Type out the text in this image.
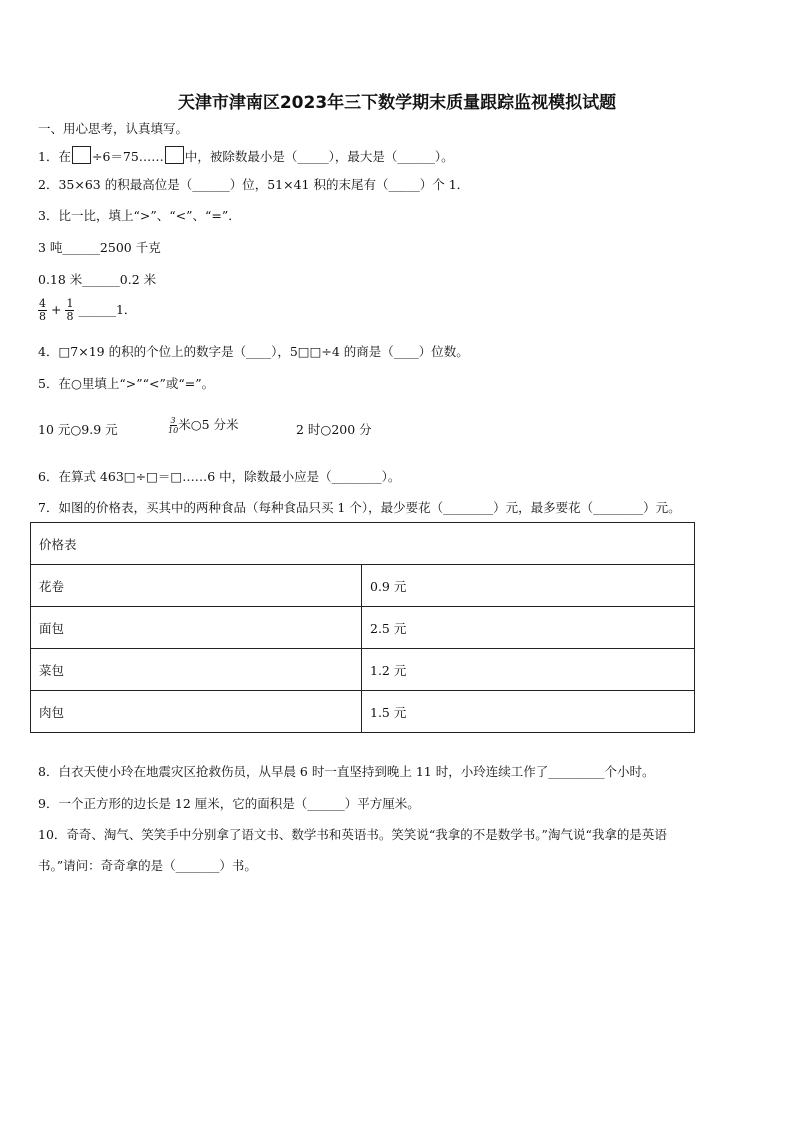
天津市津南区2023年三下数学期末质量跟踪监视模拟试题
一、用心思考，认真填写。
1．在 ÷6＝75…… 中，被除数最小是（_____），最大是（______）。
2．35×63 的积最高位是（______）位，51×41 积的末尾有（_____）个 1．
3．比一比，填上“>”、“<”、“=”．
3 吨______2500 千克
0.18 米______0.2 米
$\frac{4}{8} + \frac{1}{8}$ ______1．
4．□7×19 的积的个位上的数字是（____），5□□÷4 的商是（____）位数。
5．在○里填上“>”“<”或“=”。
10 元○9.9 元	$\frac{3}{10}$ 米○5 分米	2 时○200 分
6．在算式 463□÷□＝□……6 中，除数最小应是（________）。
7．如图的价格表，买其中的两种食品（每种食品只买 1 个），最少要花（________）元，最多要花（________）元。
价格表	
花卷	0.9 元
面包	2.5 元
菜包	1.2 元
肉包	1.5 元
8．白衣天使小玲在地震灾区抢救伤员，从早晨 6 时一直坚持到晚上 11 时，小玲连续工作了_________个小时。
9．一个正方形的边长是 12 厘米，它的面积是（______）平方厘米。
10．奇奇、淘气、笑笑手中分别拿了语文书、数学书和英语书。笑笑说“我拿的不是数学书。”淘气说“我拿的是英语
书。”请问：奇奇拿的是（_______）书。
